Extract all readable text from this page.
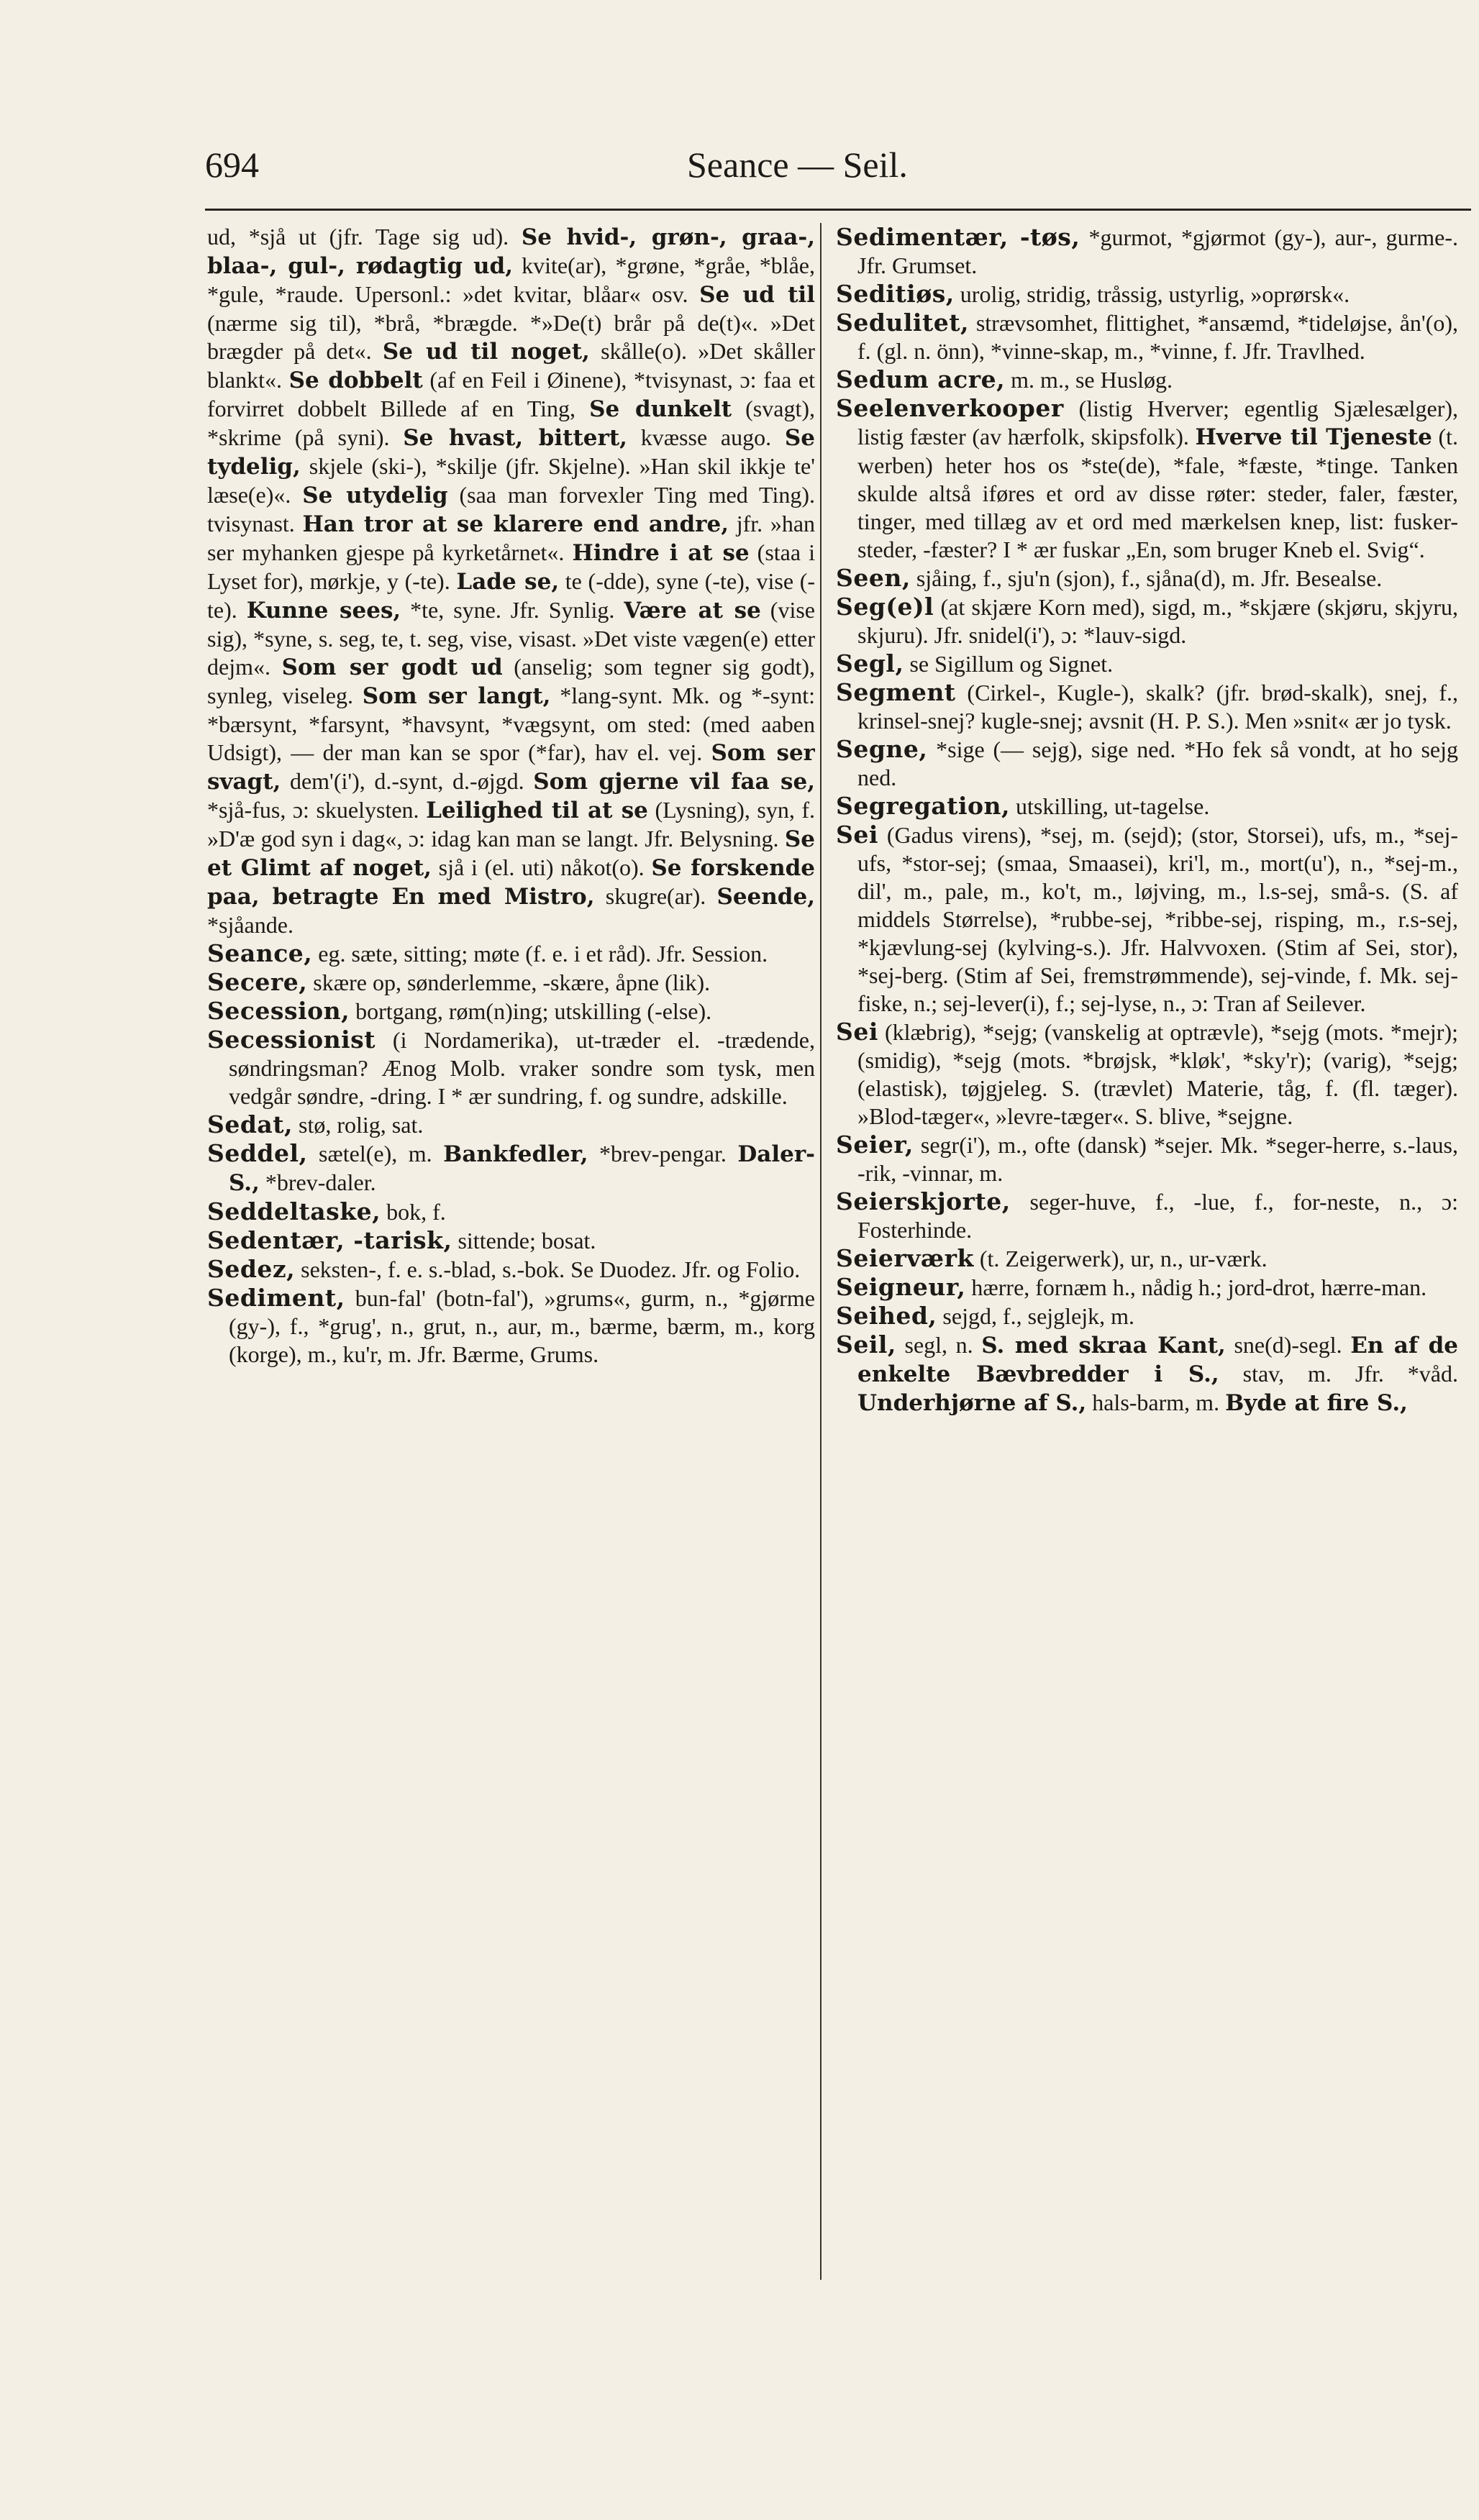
694	Seance — Seil.

ud, *sjå ut (jfr. Tage sig ud). Se hvid-, grøn-, graa-, blaa-, gul-, rødagtig ud, kvite(ar), *grøne, *gråe, *blåe, *gule, *raude. Upersonl.: »det kvitar, blåar« osv. Se ud til (nærme sig til), *brå, *brægde. *»De(t) brår på de(t)«. »Det brægder på det«. Se ud til noget, skålle(o). »Det skåller blankt«. Se dobbelt (af en Feil i Øinene), *tvisynast, ɔ: faa et forvirret dobbelt Billede af en Ting, Se dunkelt (svagt), *skrime (på syni). Se hvast, bittert, kvæsse augo. Se tydelig, skjele (ski-), *skilje (jfr. Skjelne). »Han skil ikkje te' læse(e)«. Se utydelig (saa man forvexler Ting med Ting). tvisynast. Han tror at se klarere end andre, jfr. »han ser myhanken gjespe på kyrketårnet«. Hindre i at se (staa i Lyset for), mørkje, y (-te). Lade se, te (-dde), syne (-te), vise (-te). Kunne sees, *te, syne. Jfr. Synlig. Være at se (vise sig), *syne, s. seg, te, t. seg, vise, visast. »Det viste vægen(e) etter dejm«. Som ser godt ud (anselig; som tegner sig godt), synleg, viseleg. Som ser langt, *lang-synt. Mk. og *-synt: *bærsynt, *farsynt, *havsynt, *vægsynt, om sted: (med aaben Udsigt), — der man kan se spor (*far), hav el. vej. Som ser svagt, dem'(i'), d.-synt, d.-øjgd. Som gjerne vil faa se, *sjå-fus, ɔ: skuelysten. Leilighed til at se (Lysning), syn, f. »D'æ god syn i dag«, ɔ: idag kan man se langt. Jfr. Belysning. Se et Glimt af noget, sjå i (el. uti) nåkot(o). Se forskende paa, betragte En med Mistro, skugre(ar). Seende, *sjåande.

Seance, eg. sæte, sitting; møte (f. e. i et råd). Jfr. Session.

Secere, skære op, sønderlemme, -skære, åpne (lik).

Secession, bortgang, røm(n)ing; utskilling (-else).

Secessionist (i Nordamerika), ut-træder el. -trædende, søndringsman? Ænog Molb. vraker sondre som tysk, men vedgår søndre, -dring. I * ær sundring, f. og sundre, adskille.

Sedat, stø, rolig, sat.

Seddel, sætel(e), m. Bankfedler, *brev-pengar. Daler-S., *brev-daler.

Seddeltaske, bok, f.

Sedentær, -tarisk, sittende; bosat.

Sedez, seksten-, f. e. s.-blad, s.-bok. Se Duodez. Jfr. og Folio.

Sediment, bun-fal' (botn-fal'), »grums«, gurm, n., *gjørme (gy-), f., *grug', n., grut, n., aur, m., bærme, bærm, m., korg (korge), m., ku'r, m. Jfr. Bærme, Grums.

Sedimentær, -tøs, *gurmot, *gjørmot (gy-), aur-, gurme-. Jfr. Grumset.

Seditiøs, urolig, stridig, tråssig, ustyrlig, »oprørsk«.

Sedulitet, strævsomhet, flittighet, *ansæmd, *tideløjse, ån'(o), f. (gl. n. önn), *vinne-skap, m., *vinne, f. Jfr. Travlhed.

Sedum acre, m. m., se Husløg.

Seelenverkooper (listig Hverver; egentlig Sjælesælger), listig fæster (av hærfolk, skipsfolk). Hverve til Tjeneste (t. werben) heter hos os *ste(de), *fale, *fæste, *tinge. Tanken skulde altså iføres et ord av disse røter: steder, faler, fæster, tinger, med tillæg av et ord med mærkelsen knep, list: fusker-steder, -fæster? I * ær fuskar „En, som bruger Kneb el. Svig“.

Seen, sjåing, f., sju'n (sjon), f., sjåna(d), m. Jfr. Besealse.

Seg(e)l (at skjære Korn med), sigd, m., *skjære (skjøru, skjyru, skjuru). Jfr. snidel(i'), ɔ: *lauv-sigd.

Segl, se Sigillum og Signet.

Segment (Cirkel-, Kugle-), skalk? (jfr. brød-skalk), snej, f., krinsel-snej? kugle-snej; avsnit (H. P. S.). Men »snit« ær jo tysk.

Segne, *sige (— sejg), sige ned. *Ho fek så vondt, at ho sejg ned.

Segregation, utskilling, ut-tagelse.

Sei (Gadus virens), *sej, m. (sejd); (stor, Storsei), ufs, m., *sej-ufs, *stor-sej; (smaa, Smaasei), kri'l, m., mort(u'), n., *sej-m., dil', m., pale, m., ko't, m., løjving, m., l.s-sej, små-s. (S. af middels Størrelse), *rubbe-sej, *ribbe-sej, risping, m., r.s-sej, *kjævlung-sej (kylving-s.). Jfr. Halvvoxen. (Stim af Sei, stor), *sej-berg. (Stim af Sei, fremstrømmende), sej-vinde, f. Mk. sej-fiske, n.; sej-lever(i), f.; sej-lyse, n., ɔ: Tran af Seilever.

Sei (klæbrig), *sejg; (vanskelig at optrævle), *sejg (mots. *mejr); (smidig), *sejg (mots. *brøjsk, *kløk', *sky'r); (varig), *sejg; (elastisk), tøjgjeleg. S. (trævlet) Materie, tåg, f. (fl. tæger). »Blod-tæger«, »levre-tæger«. S. blive, *sejgne.

Seier, segr(i'), m., ofte (dansk) *sejer. Mk. *seger-herre, s.-laus, -rik, -vinnar, m.

Seierskjorte, seger-huve, f., -lue, f., for-neste, n., ɔ: Fosterhinde.

Seierværk (t. Zeigerwerk), ur, n., ur-værk.

Seigneur, hærre, fornæm h., nådig h.; jord-drot, hærre-man.

Seihed, sejgd, f., sejglejk, m.

Seil, segl, n. S. med skraa Kant, sne(d)-segl. En af de enkelte Bævbredder i S., stav, m. Jfr. *våd. Underhjørne af S., hals-barm, m. Byde at fire S.,
